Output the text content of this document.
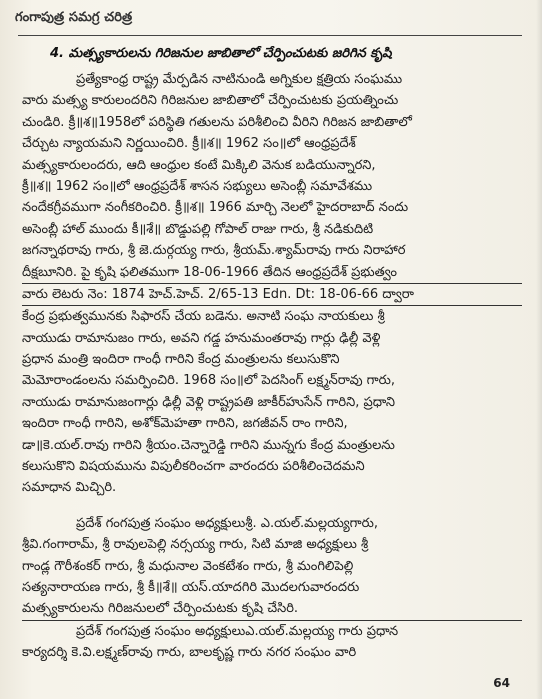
గంగాపుత్ర సమగ్ర చరిత్ర
4. మత్స్యకారులను గిరిజనుల జాబితాలో చేర్పించుటకు జరిగిన కృషి
ప్రత్యేకాంధ్ర రాష్ట్ర మేర్పడిన నాటినుండి అగ్నికుల క్షత్రియ సంఘము
వారు మత్స్య కారులందరిని గిరిజనుల జాబితాలో చేర్పించుటకు ప్రయత్నించు
చుండిరి. క్రీ॥శ॥1958లో పరిస్థితి గతులను పరిశీలించి వీరిని గిరిజన జాబితాలో
చేర్చుట న్యాయమని నిర్ణయించిరి. క్రీ॥శ॥ 1962 సం॥లో ఆంధ్రప్రదేశ్
మత్స్యకారులందరు, ఆది ఆంధ్రుల కంటే మిక్కిలి వెనుక బడియున్నారని,
క్రీ॥శ॥ 1962 సం॥లో ఆంధ్రప్రదేశ్ శాసన సభ్యులు అసెంబ్లీ సమావేశము
నందేకగ్రీవముగా నంగీకరించిరి. క్రీ॥శ॥ 1966 మార్చి నెలలో హైదరాబాద్ నందు
అసెంబ్లీ హాల్ ముందు కీ॥శే॥ బొడ్డుపల్లి గోపాల్ రాజు గారు, శ్రీ నడికుదిటి
జగన్నాథరావు గారు, శ్రీ జె.దుర్గయ్య గారు, శ్రీయమ్.శ్యామ్‌రావు గారు నిరాహార
దీక్షబూనిరి. పై కృషి ఫలితముగా 18-06-1966 తేదిన ఆంధ్రప్రదేశ్ ప్రభుత్వం
వారు లెటరు నెం: 1874 హెచ్.హెచ్. 2/65-13 Edn. Dt: 18-06-66 ద్వారా
కేంద్ర ప్రభుత్వమునకు సిఫారస్ చేయ బడెను. అనాటి సంఘ నాయకులు శ్రీ
నాయుడు రామానుజం గారు, అవని గడ్డ హనుమంతరావు గార్లు ఢిల్లీ వెళ్లి
ప్రధాన మంత్రి ఇందిరా గాంధీ గారిని కేంద్ర మంత్రులను కలుసుకొని
మెమోరాండంలను సమర్పించిరి. 1968 సం॥లో పెదసింగ్ లక్ష్మన్‌రావు గారు,
నాయుడు రామానుజంగార్లు ఢిల్లీ వెళ్లి రాష్ట్రపతి జాకీర్‌హుసేన్ గారిని, ప్రధాని
ఇందిరా గాంధీ గారిని, అశోక్‌మెహతా గారిని, జగజీవన్ రాం గారిని,
డా॥కె.యల్.రావు గారిని శ్రీయం.చెన్నారెడ్డి గారిని మున్నగు కేంద్ర మంత్రులను
కలుసుకొని విషయమును విపులీకరించగా వారందరు పరిశీలించెదమని
సమాధాన మిచ్చిరి.
ప్రదేశ్ గంగపుత్ర సంఘం అధ్యక్షులుశ్రీ. ఎ.యల్.మల్లయ్యగారు,
శ్రీవి.గంగారామ్, శ్రీ రావులపెల్లి నర్సయ్య గారు, సిటి మాజి అధ్యక్షులు శ్రీ
గాండ్ల గౌరీశంకర్ గారు, శ్రీ మధునాల వెంకటేశం గారు, శ్రీ మంగిలిపెల్లి
సత్యనారాయణ గారు, శ్రీ కీ॥శే॥ యస్.యాదగిరి మొదలగువారందరు
మత్స్యకారులను గిరిజనులలో చేర్పించుటకు కృషి చేసిరి.
ప్రదేశ్ గంగపుత్ర సంఘం అధ్యక్షులుఎ.యల్.మల్లయ్య గారు ప్రధాన
కార్యదర్శి కె.వి.లక్ష్మణ్‌రావు గారు, బాలకృష్ణ గారు నగర సంఘం వారి
64
